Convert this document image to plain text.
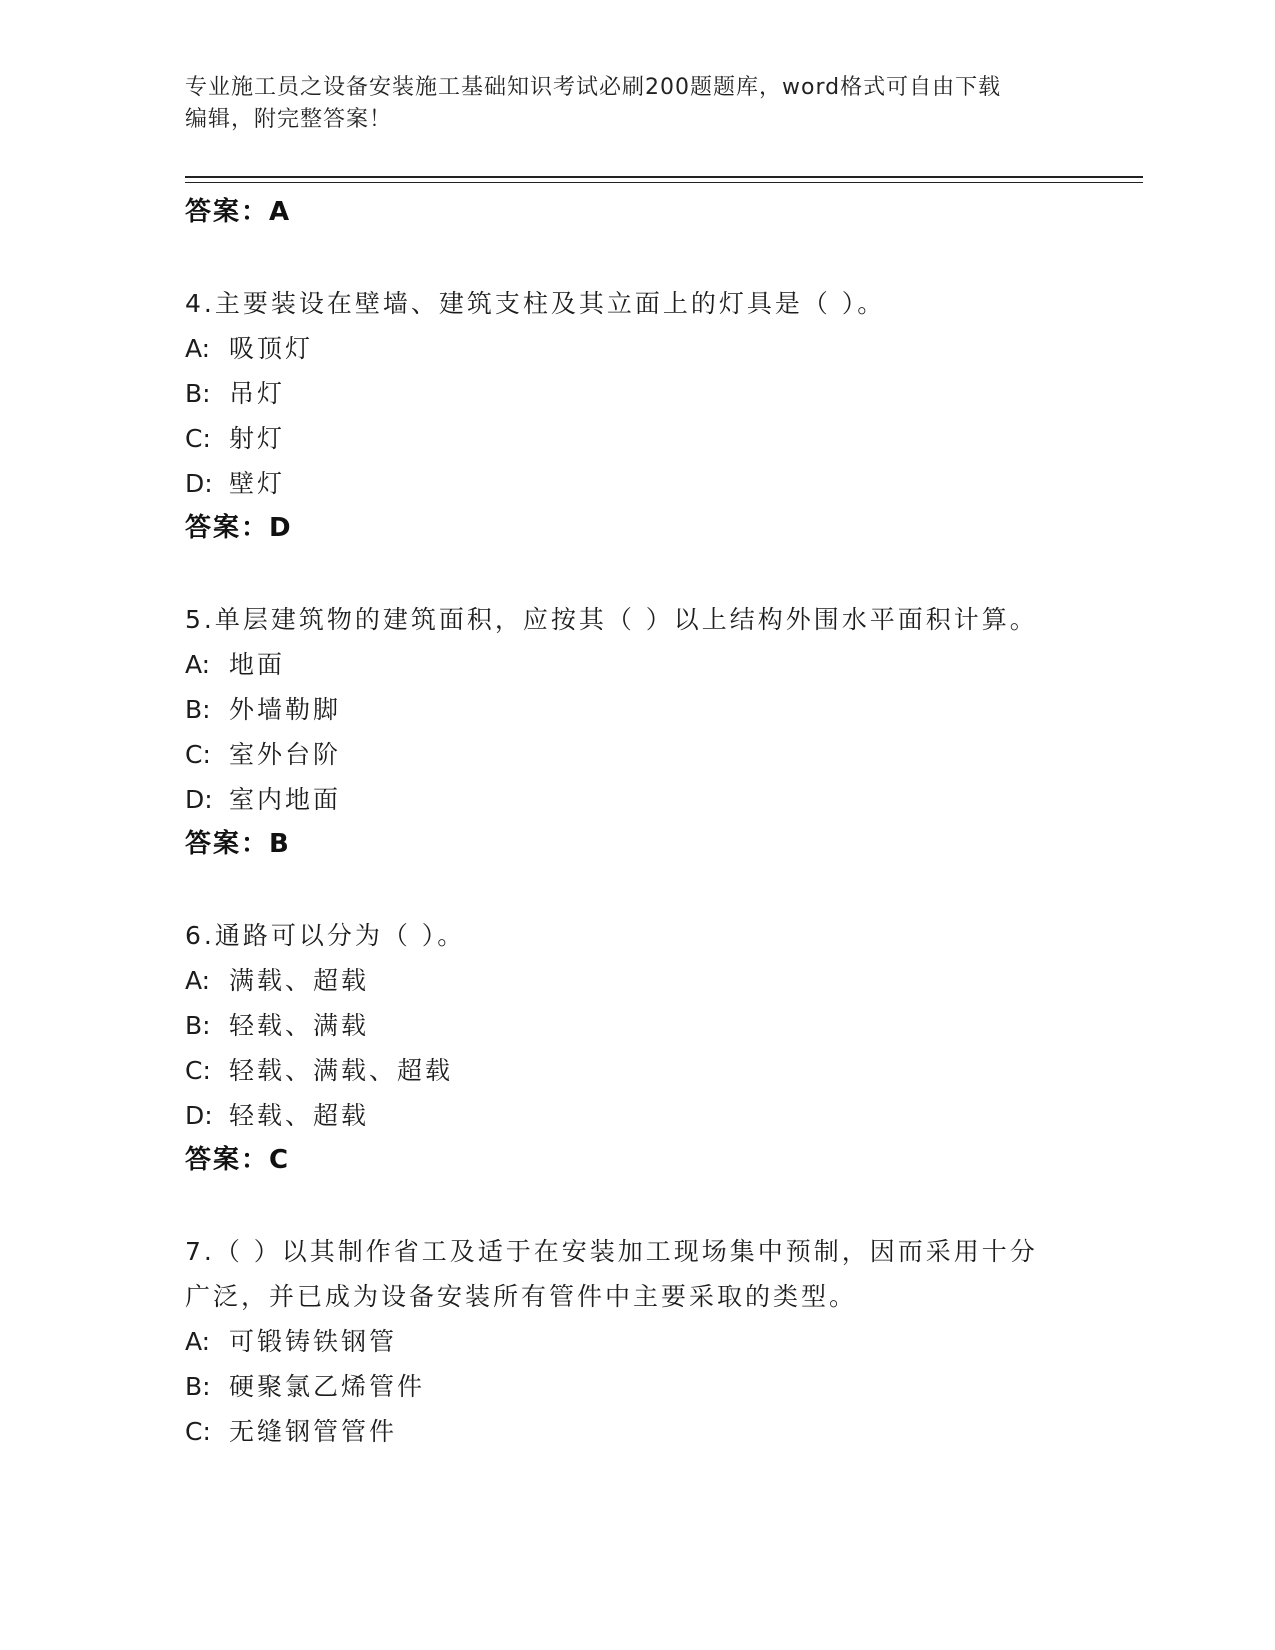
专业施工员之设备安装施工基础知识考试必刷200题题库，word格式可自由下载
编辑，附完整答案！
答案：A
4.主要装设在壁墙、建筑支柱及其立面上的灯具是（ ）。
A: 吸顶灯
B: 吊灯
C: 射灯
D: 壁灯
答案：D
5.单层建筑物的建筑面积，应按其（ ）以上结构外围水平面积计算。
A: 地面
B: 外墙勒脚
C: 室外台阶
D: 室内地面
答案：B
6.通路可以分为（ ）。
A: 满载、超载
B: 轻载、满载
C: 轻载、满载、超载
D: 轻载、超载
答案：C
7.（ ）以其制作省工及适于在安装加工现场集中预制，因而采用十分
广泛，并已成为设备安装所有管件中主要采取的类型。
A: 可锻铸铁钢管
B: 硬聚氯乙烯管件
C: 无缝钢管管件
